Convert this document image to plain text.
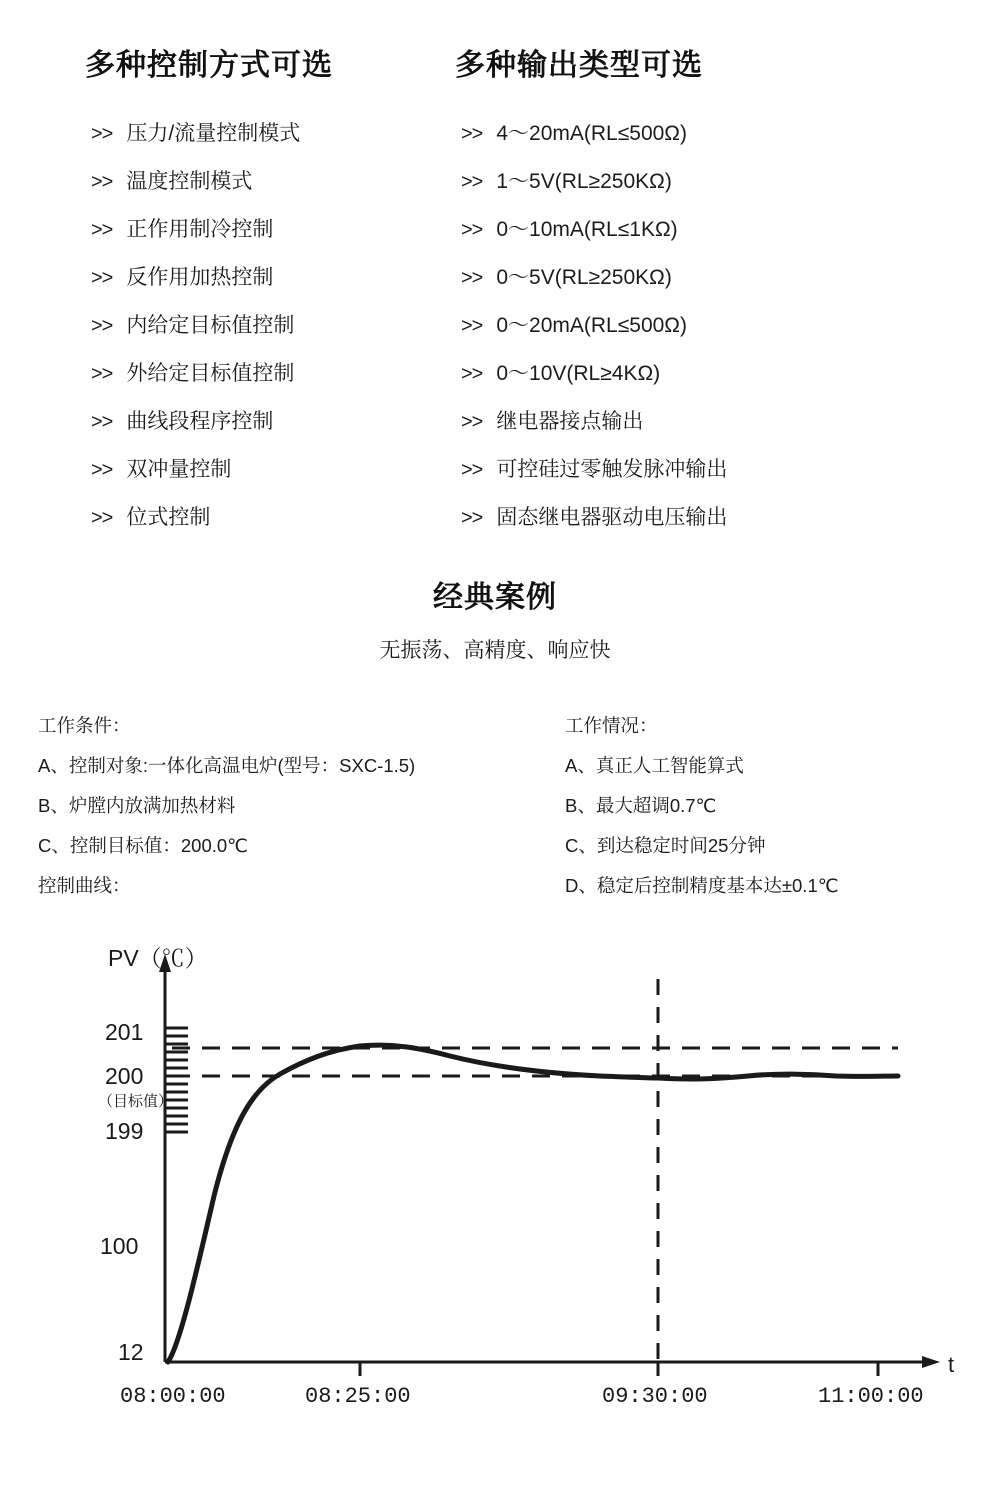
多种控制方式可选
>> 压力/流量控制模式
>> 温度控制模式
>> 正作用制冷控制
>> 反作用加热控制
>> 内给定目标值控制
>> 外给定目标值控制
>> 曲线段程序控制
>> 双冲量控制
>> 位式控制
多种输出类型可选
>> 4～20mA(RL≤500Ω)
>> 1～5V(RL≥250KΩ)
>> 0～10mA(RL≤1KΩ)
>> 0～5V(RL≥250KΩ)
>> 0～20mA(RL≤500Ω)
>> 0～10V(RL≥4KΩ)
>> 继电器接点输出
>> 可控硅过零触发脉冲输出
>> 固态继电器驱动电压输出
经典案例
无振荡、高精度、响应快
工作条件：
A、控制对象:一体化高温电炉(型号：SXC-1.5)
B、炉膛内放满加热材料
C、控制目标值：200.0℃
控制曲线：
工作情况：
A、真正人工智能算式
B、最大超调0.7℃
C、到达稳定时间25分钟
D、稳定后控制精度基本达±0.1℃
PV（℃）
201
200
（目标值）
199
100
12
08:00:00	08:25:00	09:30:00	11:00:00
t
